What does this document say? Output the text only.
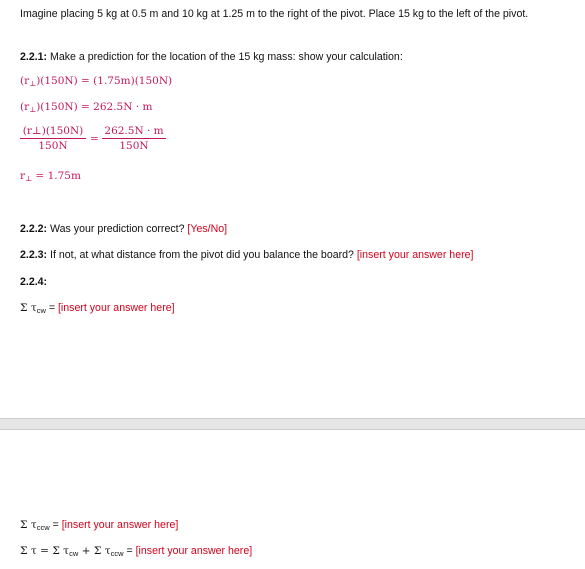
Imagine placing 5 kg at 0.5 m and 10 kg at 1.25 m to the right of the pivot. Place 15 kg to the left of the pivot.
2.2.1: Make a prediction for the location of the 15 kg mass: show your calculation:
$(r_\perp)(150N) = (1.75m)(150N)$
$(r_\perp)(150N) = 262.5N \cdot m$
(r⊥)(150N)
150N
=
262.5N · m
150N
$r_\perp = 1.75m$
2.2.2: Was your prediction correct? [Yes/No]
2.2.3: If not, at what distance from the pivot did you balance the board? [insert your answer here]
2.2.4:
Σ $\tau_{cw}$ = [insert your answer here]
Σ $\tau_{ccw}$ = [insert your answer here]
Σ τ = Σ $\tau_{cw} + \Sigma$ $\tau_{ccw}$ = [insert your answer here]
